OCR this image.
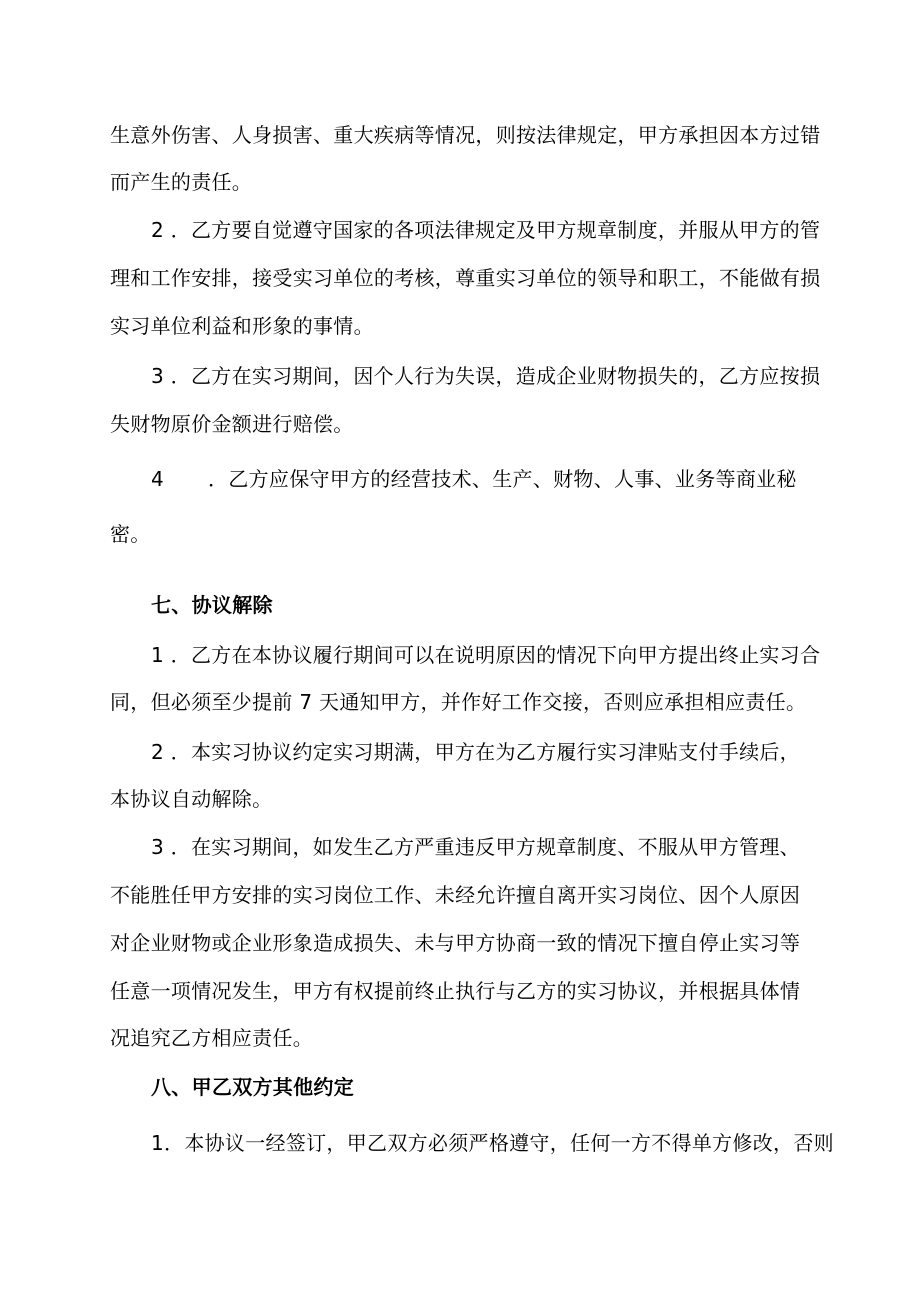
生意外伤害、人身损害、重大疾病等情况，则按法律规定，甲方承担因本方过错
而产生的责任。
2 ．乙方要自觉遵守国家的各项法律规定及甲方规章制度，并服从甲方的管
理和工作安排，接受实习单位的考核，尊重实习单位的领导和职工，不能做有损
实习单位利益和形象的事情。
3 ．乙方在实习期间，因个人行为失误，造成企业财物损失的，乙方应按损
失财物原价金额进行赔偿。
4 ．乙方应保守甲方的经营技术、生产、财物、人事、业务等商业秘
密。
七、协议解除
1 ．乙方在本协议履行期间可以在说明原因的情况下向甲方提出终止实习合
同，但必须至少提前 7 天通知甲方，并作好工作交接，否则应承担相应责任。
2 ．本实习协议约定实习期满，甲方在为乙方履行实习津贴支付手续后，
本协议自动解除。
3 ．在实习期间，如发生乙方严重违反甲方规章制度、不服从甲方管理、
不能胜任甲方安排的实习岗位工作、未经允许擅自离开实习岗位、因个人原因
对企业财物或企业形象造成损失、未与甲方协商一致的情况下擅自停止实习等
任意一项情况发生，甲方有权提前终止执行与乙方的实习协议，并根据具体情
况追究乙方相应责任。
八、甲乙双方其他约定
1．本协议一经签订，甲乙双方必须严格遵守，任何一方不得单方修改，否则
